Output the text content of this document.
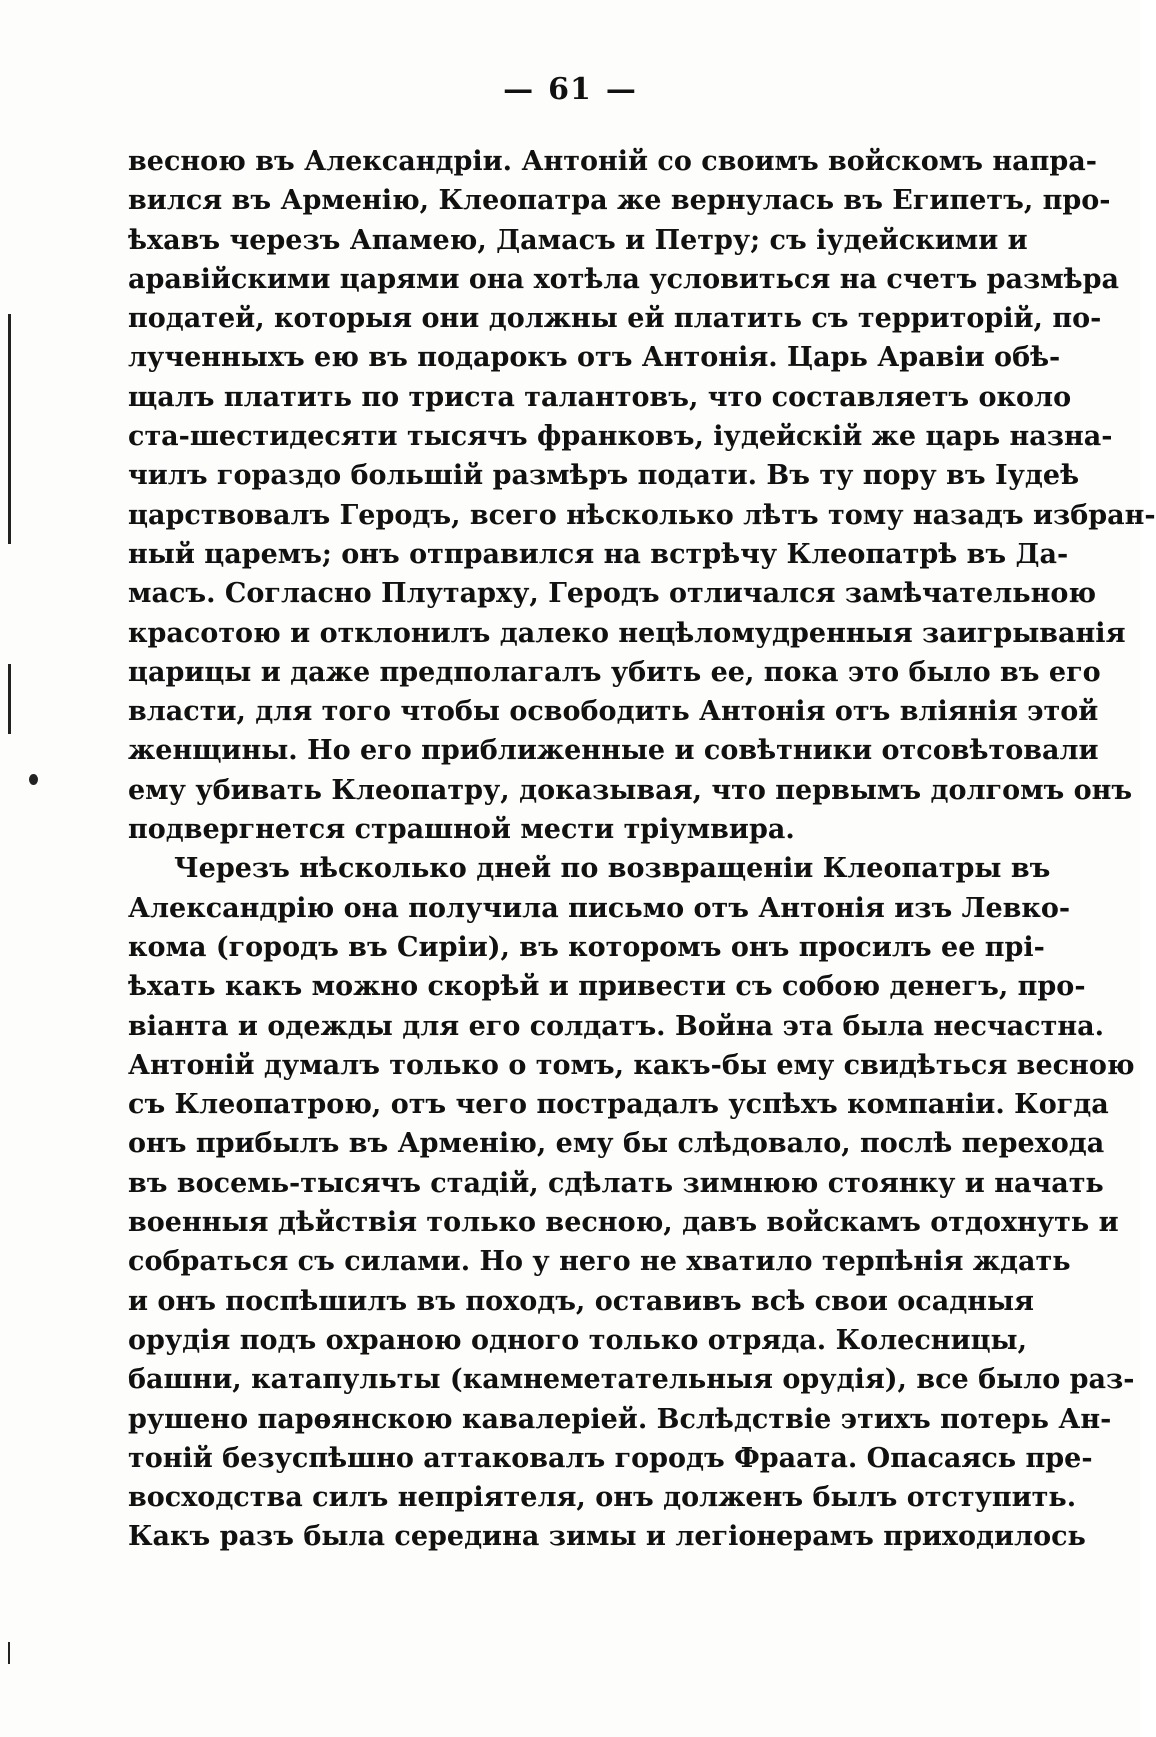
— 61 —
весною въ Александріи. Антоній со своимъ войскомъ напра-
вился въ Арменію, Клеопатра же вернулась въ Египетъ, про-
ѣхавъ черезъ Апамею, Дамасъ и Петру; съ іудейскими и
аравійскими царями она хотѣла условиться на счетъ размѣра
податей, которыя они должны ей платить съ территорій, по-
лученныхъ ею въ подарокъ отъ Антонія. Царь Аравіи обѣ-
щалъ платить по триста талантовъ, что составляетъ около
ста-шестидесяти тысячъ франковъ, іудейскій же царь назна-
чилъ гораздо большій размѣръ подати. Въ ту пору въ Іудеѣ
царствовалъ Геродъ, всего нѣсколько лѣтъ тому назадъ избран-
ный царемъ; онъ отправился на встрѣчу Клеопатрѣ въ Да-
масъ. Согласно Плутарху, Геродъ отличался замѣчательною
красотою и отклонилъ далеко нецѣломудренныя заигрыванія
царицы и даже предполагалъ убить ее, пока это было въ его
власти, для того чтобы освободить Антонія отъ вліянія этой
женщины. Но его приближенные и совѣтники отсовѣтовали
ему убивать Клеопатру, доказывая, что первымъ долгомъ онъ
подвергнется страшной мести тріумвира.
Черезъ нѣсколько дней по возвращеніи Клеопатры въ
Александрію она получила письмо отъ Антонія изъ Левко-
кома (городъ въ Сиріи), въ которомъ онъ просилъ ее прі-
ѣхать какъ можно скорѣй и привести съ собою денегъ, про-
віанта и одежды для его солдатъ. Война эта была несчастна.
Антоній думалъ только о томъ, какъ-бы ему свидѣться весною
съ Клеопатрою, отъ чего пострадалъ успѣхъ компаніи. Когда
онъ прибылъ въ Арменію, ему бы слѣдовало, послѣ перехода
въ восемь-тысячъ стадій, сдѣлать зимнюю стоянку и начать
военныя дѣйствія только весною, давъ войскамъ отдохнуть и
собраться съ силами. Но у него не хватило терпѣнія ждать
и онъ поспѣшилъ въ походъ, оставивъ всѣ свои осадныя
орудія подъ охраною одного только отряда. Колесницы,
башни, катапульты (камнеметательныя орудія), все было раз-
рушено парѳянскою кавалеріей. Вслѣдствіе этихъ потерь Ан-
тоній безуспѣшно аттаковалъ городъ Фраата. Опасаясь пре-
восходства силъ непріятеля, онъ долженъ былъ отступить.
Какъ разъ была середина зимы и легіонерамъ приходилось
